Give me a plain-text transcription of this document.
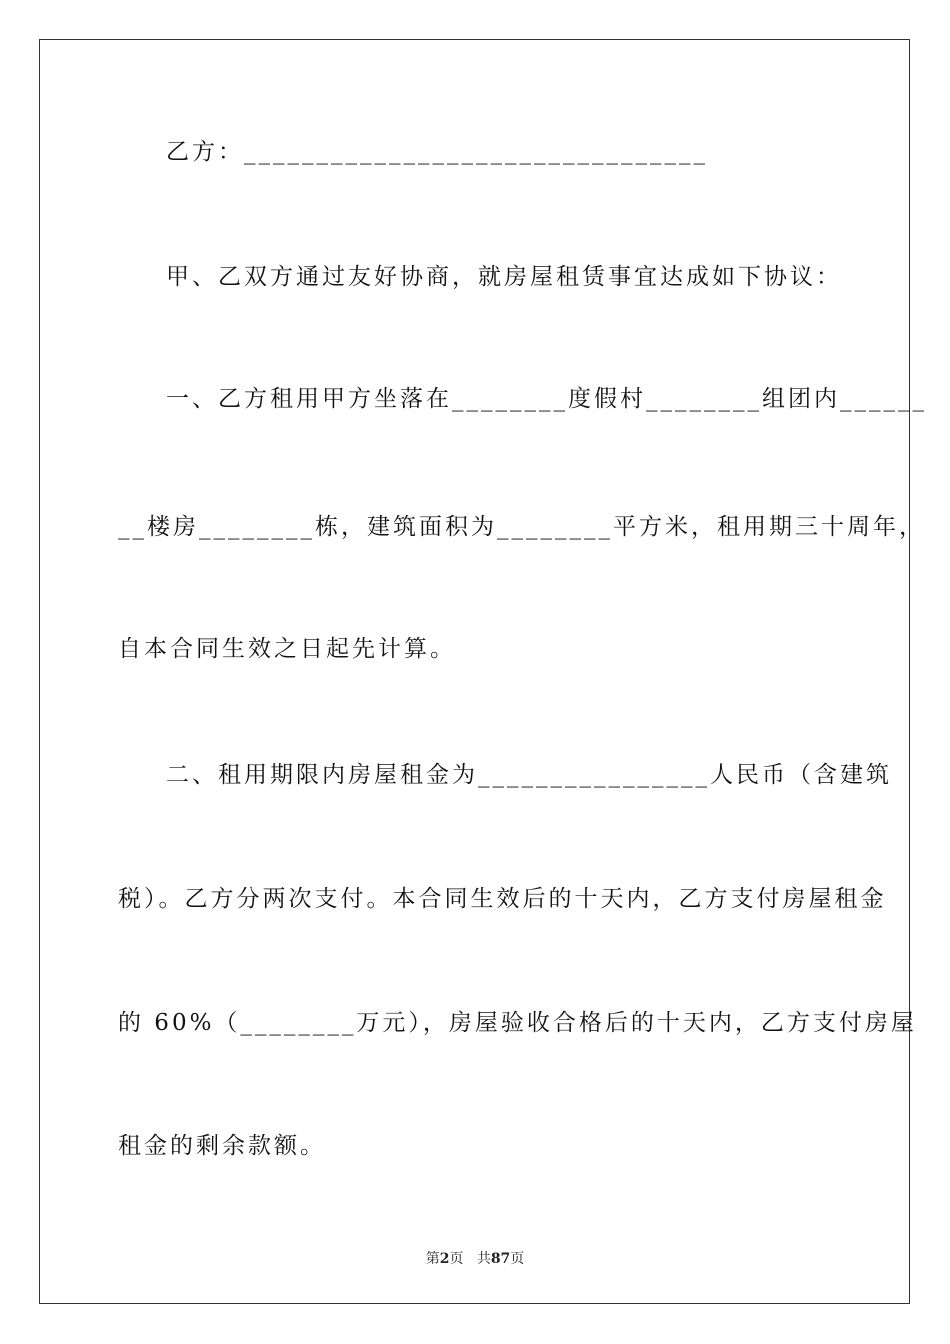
乙方：________________________________
甲、乙双方通过友好协商，就房屋租赁事宜达成如下协议：
一、乙方租用甲方坐落在________度假村________组团内______
__楼房________栋，建筑面积为________平方米，租用期三十周年，
自本合同生效之日起先计算。
二、租用期限内房屋租金为________________人民币（含建筑
税）。乙方分两次支付。本合同生效后的十天内，乙方支付房屋租金
的 60%（________万元），房屋验收合格后的十天内，乙方支付房屋
租金的剩余款额。
第2页 共87页
